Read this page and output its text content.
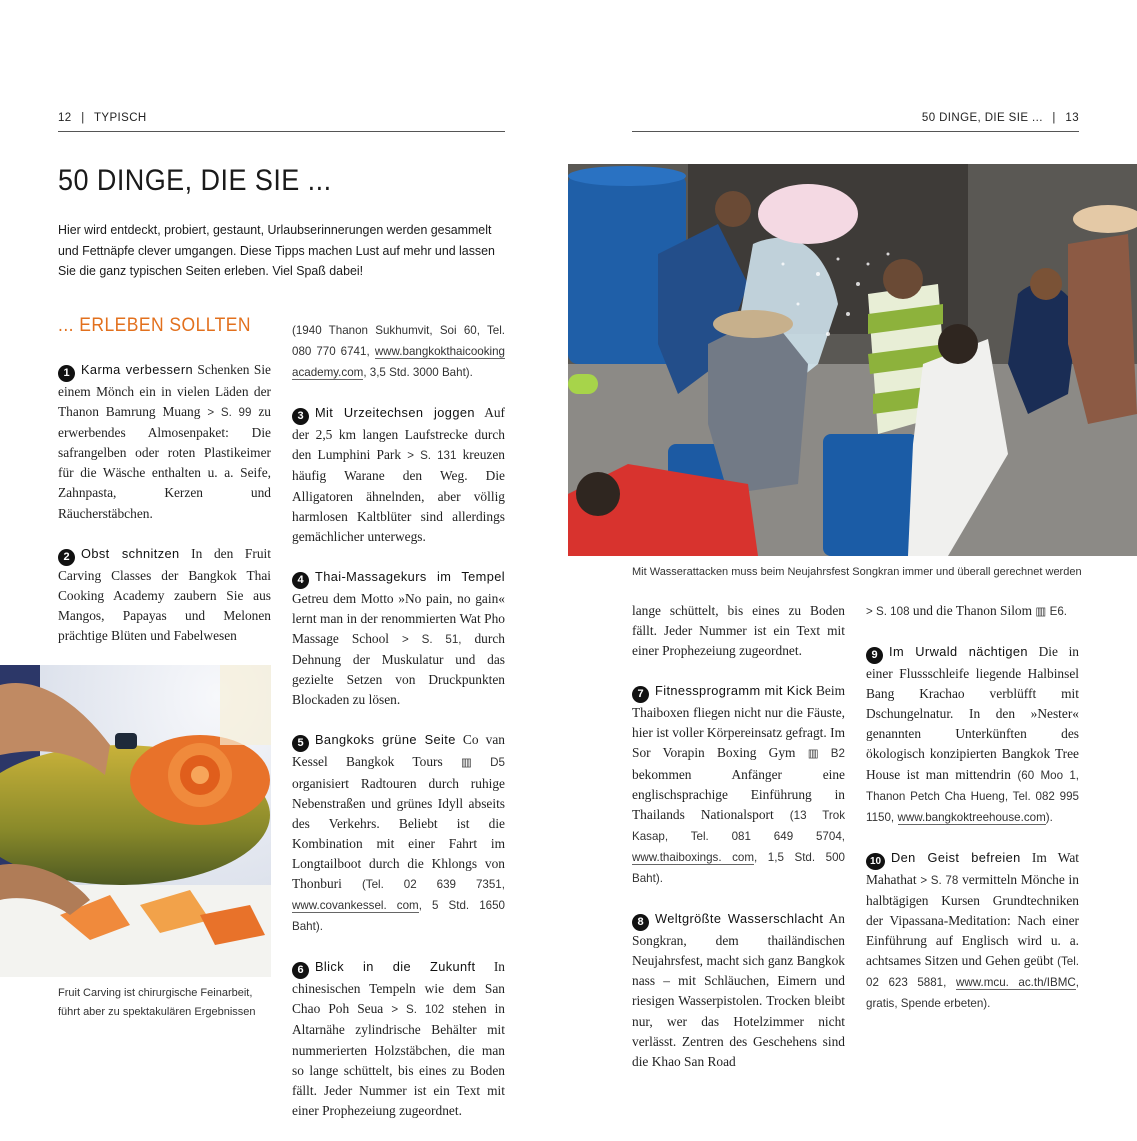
12 | TYPISCH	50 DINGE, DIE SIE ... | 13
50 DINGE, DIE SIE ...
Hier wird entdeckt, probiert, gestaunt, Urlaubserinnerungen werden gesammelt und Fettnäpfe clever umgangen. Diese Tipps machen Lust auf mehr und lassen Sie die ganz typischen Seiten erleben. Viel Spaß dabei!
... ERLEBEN SOLLTEN

1 Karma verbessern Schenken Sie einem Mönch ein in vielen Läden der Thanon Bamrung Muang > S. 99 zu erwerbendes Almosenpaket: Die safrangelben oder roten Plastikeimer für die Wäsche enthalten u. a. Seife, Zahnpasta, Kerzen und Räucherstäbchen.

2 Obst schnitzen In den Fruit Carving Classes der Bangkok Thai Cooking Academy zaubern Sie aus Mangos, Papayas und Melonen prächtige Blüten und Fabelwesen

(1940 Thanon Sukhumvit, Soi 60, Tel. 080 770 6741, www.bangkokthaicooking academy.com, 3,5 Std. 3000 Baht).

3 Mit Urzeitechsen joggen Auf der 2,5 km langen Laufstrecke durch den Lumphini Park > S. 131 kreuzen häufig Warane den Weg. Die Alligatoren ähnelnden, aber völlig harmlosen Kaltblüter sind allerdings gemächlicher unterwegs.

4 Thai-Massagekurs im Tempel Getreu dem Motto »No pain, no gain« lernt man in der renommierten Wat Pho Massage School > S. 51, durch Dehnung der Muskulatur und das gezielte Setzen von Druckpunkten Blockaden zu lösen.

5 Bangkoks grüne Seite Co van Kessel Bangkok Tours ▥ D5 organisiert Radtouren durch ruhige Nebenstraßen und grünes Idyll abseits des Verkehrs. Beliebt ist die Kombination mit einer Fahrt im Longtailboot durch die Khlongs von Thonburi (Tel. 02 639 7351, www.covankessel. com, 5 Std. 1650 Baht).

6 Blick in die Zukunft In chinesischen Tempeln wie dem San Chao Poh Seua > S. 102 stehen in Altarnähe zylindrische Behälter mit nummerierten Holzstäbchen, die man so lange schüttelt, bis eines zu Boden fällt. Jeder Nummer ist ein Text mit einer Prophezeiung zugeordnet.

Fruit Carving ist chirurgische Feinarbeit, führt aber zu spektakulären Ergebnissen
Mit Wasserattacken muss beim Neujahrsfest Songkran immer und überall gerechnet werden

lange schüttelt, bis eines zu Boden fällt. Jeder Nummer ist ein Text mit einer Prophezeiung zugeordnet.

7 Fitnessprogramm mit Kick Beim Thaiboxen fliegen nicht nur die Fäuste, hier ist voller Körpereinsatz gefragt. Im Sor Vorapin Boxing Gym ▥ B2 bekommen Anfänger eine englischsprachige Einführung in Thailands Nationalsport (13 Trok Kasap, Tel. 081 649 5704, www.thaiboxings. com, 1,5 Std. 500 Baht).

8 Weltgrößte Wasserschlacht An Songkran, dem thailändischen Neujahrsfest, macht sich ganz Bangkok nass – mit Schläuchen, Eimern und riesigen Wasserpistolen. Trocken bleibt nur, wer das Hotelzimmer nicht verlässt. Zentren des Geschehens sind die Khao San Road

> S. 108 und die Thanon Silom ▥ E6.

9 Im Urwald nächtigen Die in einer Flussschleife liegende Halbinsel Bang Krachao verblüfft mit Dschungelnatur. In den »Nester« genannten Unterkünften des ökologisch konzipierten Bangkok Tree House ist man mittendrin (60 Moo 1, Thanon Petch Cha Hueng, Tel. 082 995 1150, www.bangkoktreehouse.com).

10 Den Geist befreien Im Wat Mahathat > S. 78 vermitteln Mönche in halbtägigen Kursen Grundtechniken der Vipassana-Meditation: Nach einer Einführung auf Englisch wird u. a. achtsames Sitzen und Gehen geübt (Tel. 02 623 5881, www.mcu. ac.th/IBMC, gratis, Spende erbeten).
